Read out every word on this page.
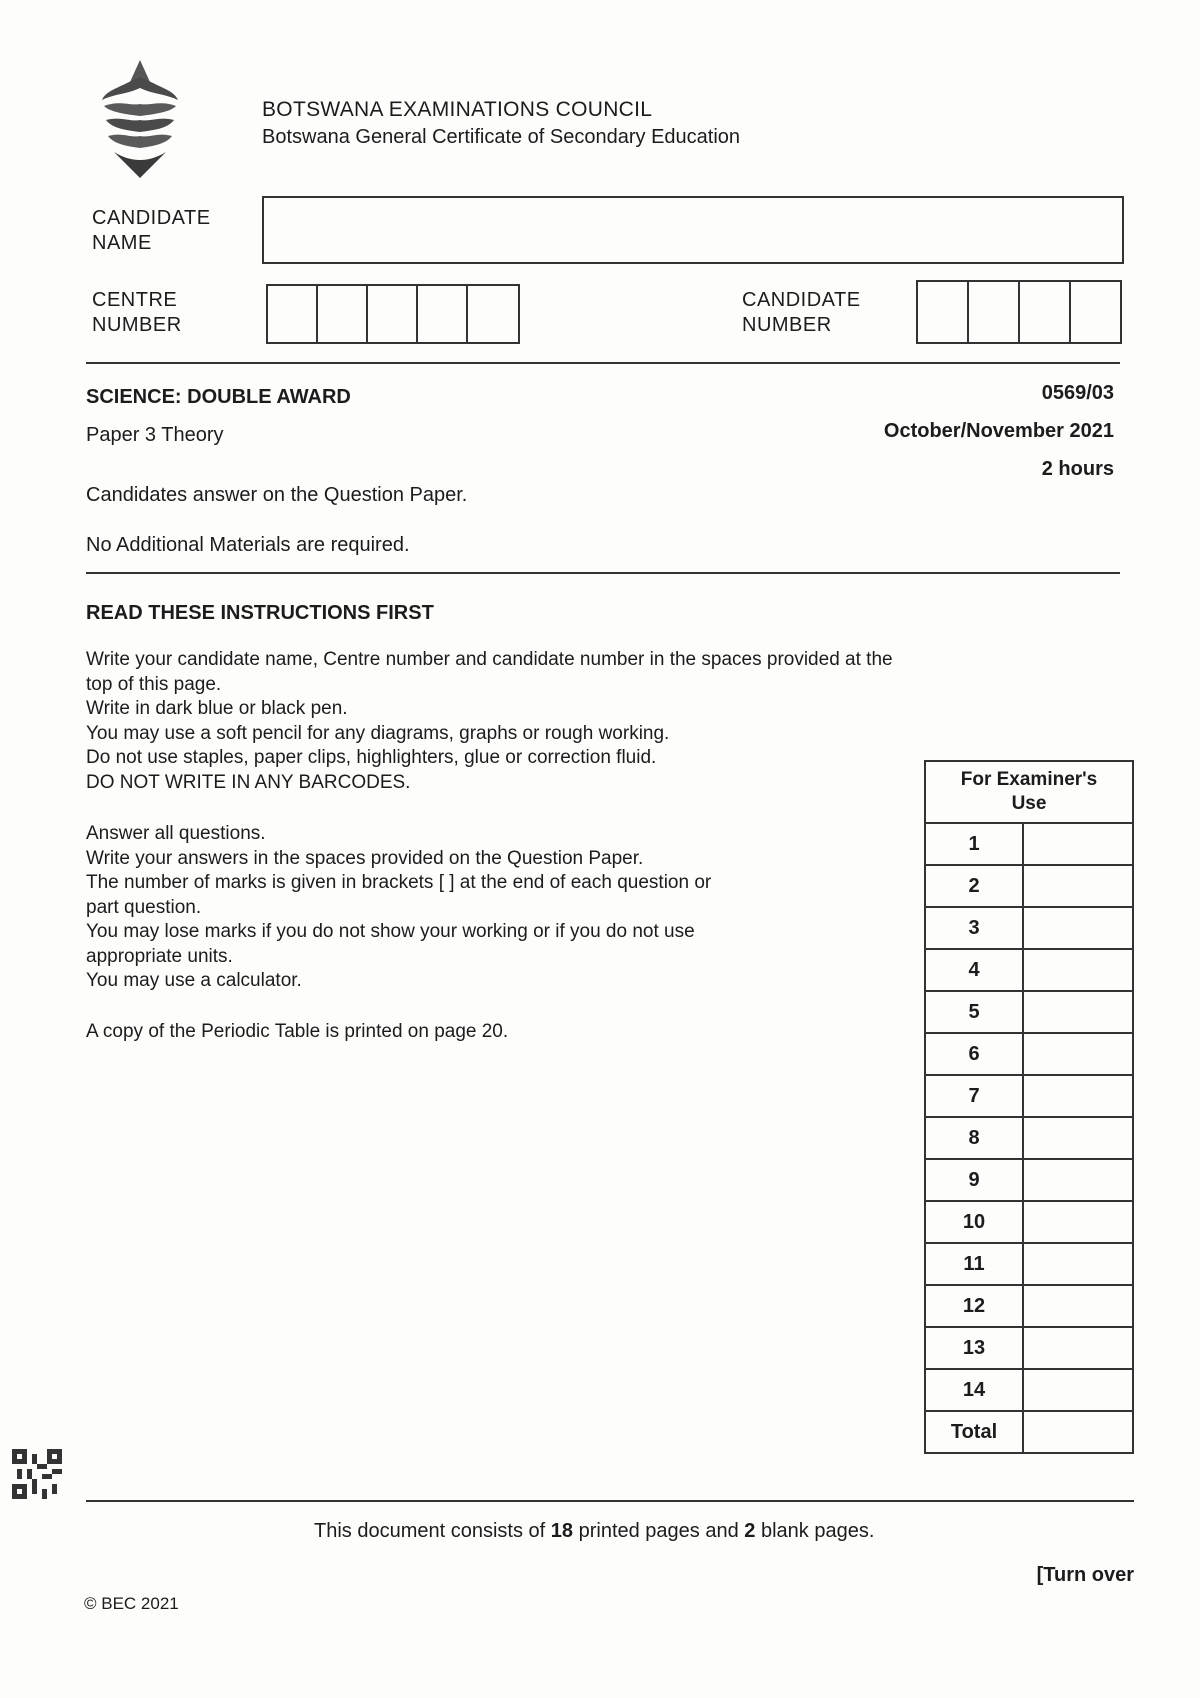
BOTSWANA EXAMINATIONS COUNCIL
Botswana General Certificate of Secondary Education
CANDIDATE
NAME
CENTRE
NUMBER
CANDIDATE
NUMBER
SCIENCE: DOUBLE AWARD	0569/03
Paper 3 Theory	October/November 2021
2 hours
Candidates answer on the Question Paper.
No Additional Materials are required.
READ THESE INSTRUCTIONS FIRST

Write your candidate name, Centre number and candidate number in the spaces provided at the

top of this page.

Write in dark blue or black pen.

You may use a soft pencil for any diagrams, graphs or rough working.

Do not use staples, paper clips, highlighters, glue or correction fluid.

DO NOT WRITE IN ANY BARCODES.

Answer all questions.

Write your answers in the spaces provided on the Question Paper.

The number of marks is given in brackets [ ] at the end of each question or

part question.

You may lose marks if you do not show your working or if you do not use

appropriate units.

You may use a calculator.

A copy of the Periodic Table is printed on page 20.
For Examiner's
Use	

1	
2	
3	
4	
5	
6	
7	
8	
9	
10	
11	
12	
13	
14	
Total	
This document consists of 18 printed pages and 2 blank pages.
[Turn over
© BEC 2021
